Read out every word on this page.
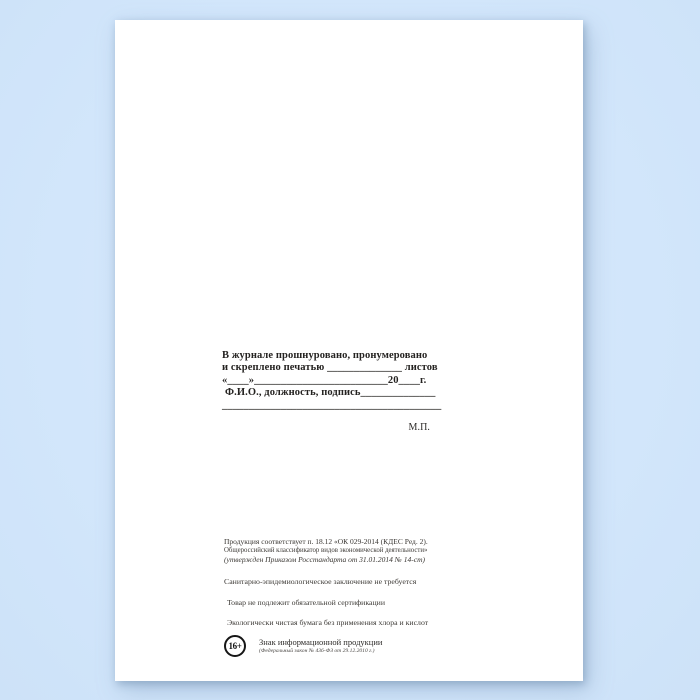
В журнале прошнуровано, пронумеровано
и скреплено печатью ______________ листов
«____»_________________________20____г.
Ф.И.О., должность, подпись______________
_________________________________________
М.П.
Продукция соответствует п. 18.12 «ОК 029-2014 (КДЕС Ред. 2).
Общероссийский классификатор видов экономической деятельности»
(утвержден Приказом Росстандарта от 31.01.2014 № 14-ст)
Санитарно-эпидемиологическое заключение не требуется
Товар не подлежит обязательной сертификации
Экологически чистая бумага без применения хлора и кислот
16+	Знак информационной продукции
(Федеральный закон № 436-ФЗ от 29.12.2010 г.)
